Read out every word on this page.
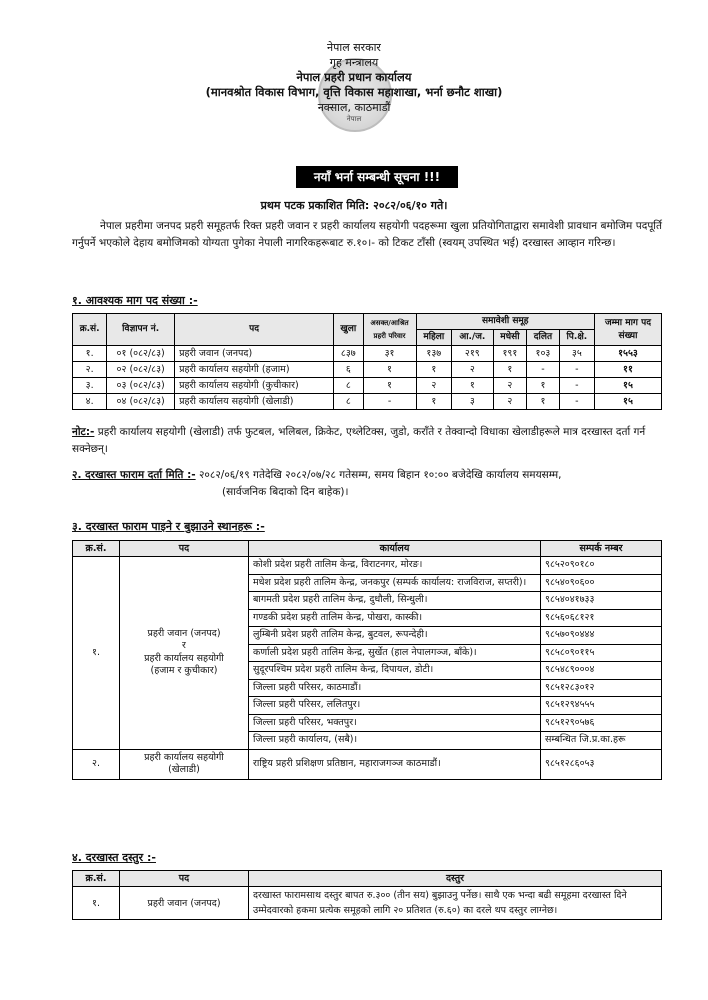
नेपाल सरकार
गृह मन्त्रालय
नेपाल प्रहरी प्रधान कार्यालय
(मानवश्रोत विकास विभाग, वृत्ति विकास महाशाखा, भर्ना छनौट शाखा)
नक्साल, काठमाडौं
नेपाल
नयाँ भर्ना सम्बन्धी सूचना !!!
प्रथम पटक प्रकाशित मिति: २०८२/०६/१० गते।
नेपाल प्रहरीमा जनपद प्रहरी समूहतर्फ रिक्त प्रहरी जवान र प्रहरी कार्यालय सहयोगी पदहरूमा खुला प्रतियोगिताद्वारा समावेशी प्रावधान बमोजिम पदपूर्ति गर्नुपर्ने भएकोले देहाय बमोजिमको योग्यता पुगेका नेपाली नागरिकहरूबाट रु.१०।- को टिकट टाँसी (स्वयम् उपस्थित भई) दरखास्त आव्हान गरिन्छ।
१. आवश्यक माग पद संख्या :-
क्र.सं.	विज्ञापन नं.	पद	खुला	असक्त/आश्रित प्रहरी परिवार	समावेशी समूह					जम्मा माग पद संख्या
					महिला	आ./ज.	मधेसी	दलित	पि.क्षे.	
१.	०१ (०८२/८३)	प्रहरी जवान (जनपद)	८३७	३१	१३७	२१९	१९१	१०३	३५	१५५३
२.	०२ (०८२/८३)	प्रहरी कार्यालय सहयोगी (हजाम)	६	१	१	२	१	-	-	११
३.	०३ (०८२/८३)	प्रहरी कार्यालय सहयोगी (कुचीकार)	८	१	२	१	२	१	-	१५
४.	०४ (०८२/८३)	प्रहरी कार्यालय सहयोगी (खेलाडी)	८	-	१	३	२	१	-	१५
नोट:- प्रहरी कार्यालय सहयोगी (खेलाडी) तर्फ फुटबल, भलिबल, क्रिकेट, एथ्लेटिक्स, जुडो, कराँते र तेक्वान्दो विधाका खेलाडीहरूले मात्र दरखास्त दर्ता गर्न सक्नेछन्।
२. दरखास्त फाराम दर्ता मिति :- २०८२/०६/१९ गतेदेखि २०८२/०७/२८ गतेसम्म, समय बिहान १०:०० बजेदेखि कार्यालय समयसम्म,
(सार्वजनिक बिदाको दिन बाहेक)।
३. दरखास्त फाराम पाइने र बुझाउने स्थानहरू :-
क्र.सं.	पद	कार्यालय	सम्पर्क नम्बर
१.	प्रहरी जवान (जनपद)
र
प्रहरी कार्यालय सहयोगी
(हजाम र कुचीकार)	कोशी प्रदेश प्रहरी तालिम केन्द्र, विराटनगर, मोरङ।	९८५२०९०१८०
		मधेश प्रदेश प्रहरी तालिम केन्द्र, जनकपुर (सम्पर्क कार्यालय: राजविराज, सप्तरी)।	९८५४०९०६००
		बागमती प्रदेश प्रहरी तालिम केन्द्र, दुधौली, सिन्धुली।	९८५४०४१७३३
		गण्डकी प्रदेश प्रहरी तालिम केन्द्र, पोखरा, कास्की।	९८५६०६८१२१
		लुम्बिनी प्रदेश प्रहरी तालिम केन्द्र, बुटवल, रूपन्देही।	९८५७०९०४४४
		कर्णाली प्रदेश प्रहरी तालिम केन्द्र, सुर्खेत (हाल नेपालगञ्ज, बाँके)।	९८५८०९०११५
		सुदूरपश्चिम प्रदेश प्रहरी तालिम केन्द्र, दिपायल, डोटी।	९८५४८९०००४
		जिल्ला प्रहरी परिसर, काठमाडौं।	९८५१२८३०१२
		जिल्ला प्रहरी परिसर, ललितपुर।	९८५१२९४५५५
		जिल्ला प्रहरी परिसर, भक्तपुर।	९८५१२९०५७६
		जिल्ला प्रहरी कार्यालय, (सबै)।	सम्बन्धित जि.प्र.का.हरू
२.	प्रहरी कार्यालय सहयोगी
(खेलाडी)	राष्ट्रिय प्रहरी प्रशिक्षण प्रतिष्ठान, महाराजगञ्ज काठमाडौं।	९८५१२८६०५३
४. दरखास्त दस्तुर :-
क्र.सं.	पद	दस्तुर
१.	प्रहरी जवान (जनपद)	दरखास्त फारामसाथ दस्तुर बापत रु.३०० (तीन सय) बुझाउनु पर्नेछ। साथै एक भन्दा बढी समूहमा दरखास्त दिने उम्मेदवारको हकमा प्रत्येक समूहको लागि २० प्रतिशत (रु.६०) का दरले थप दस्तुर लाग्नेछ।
